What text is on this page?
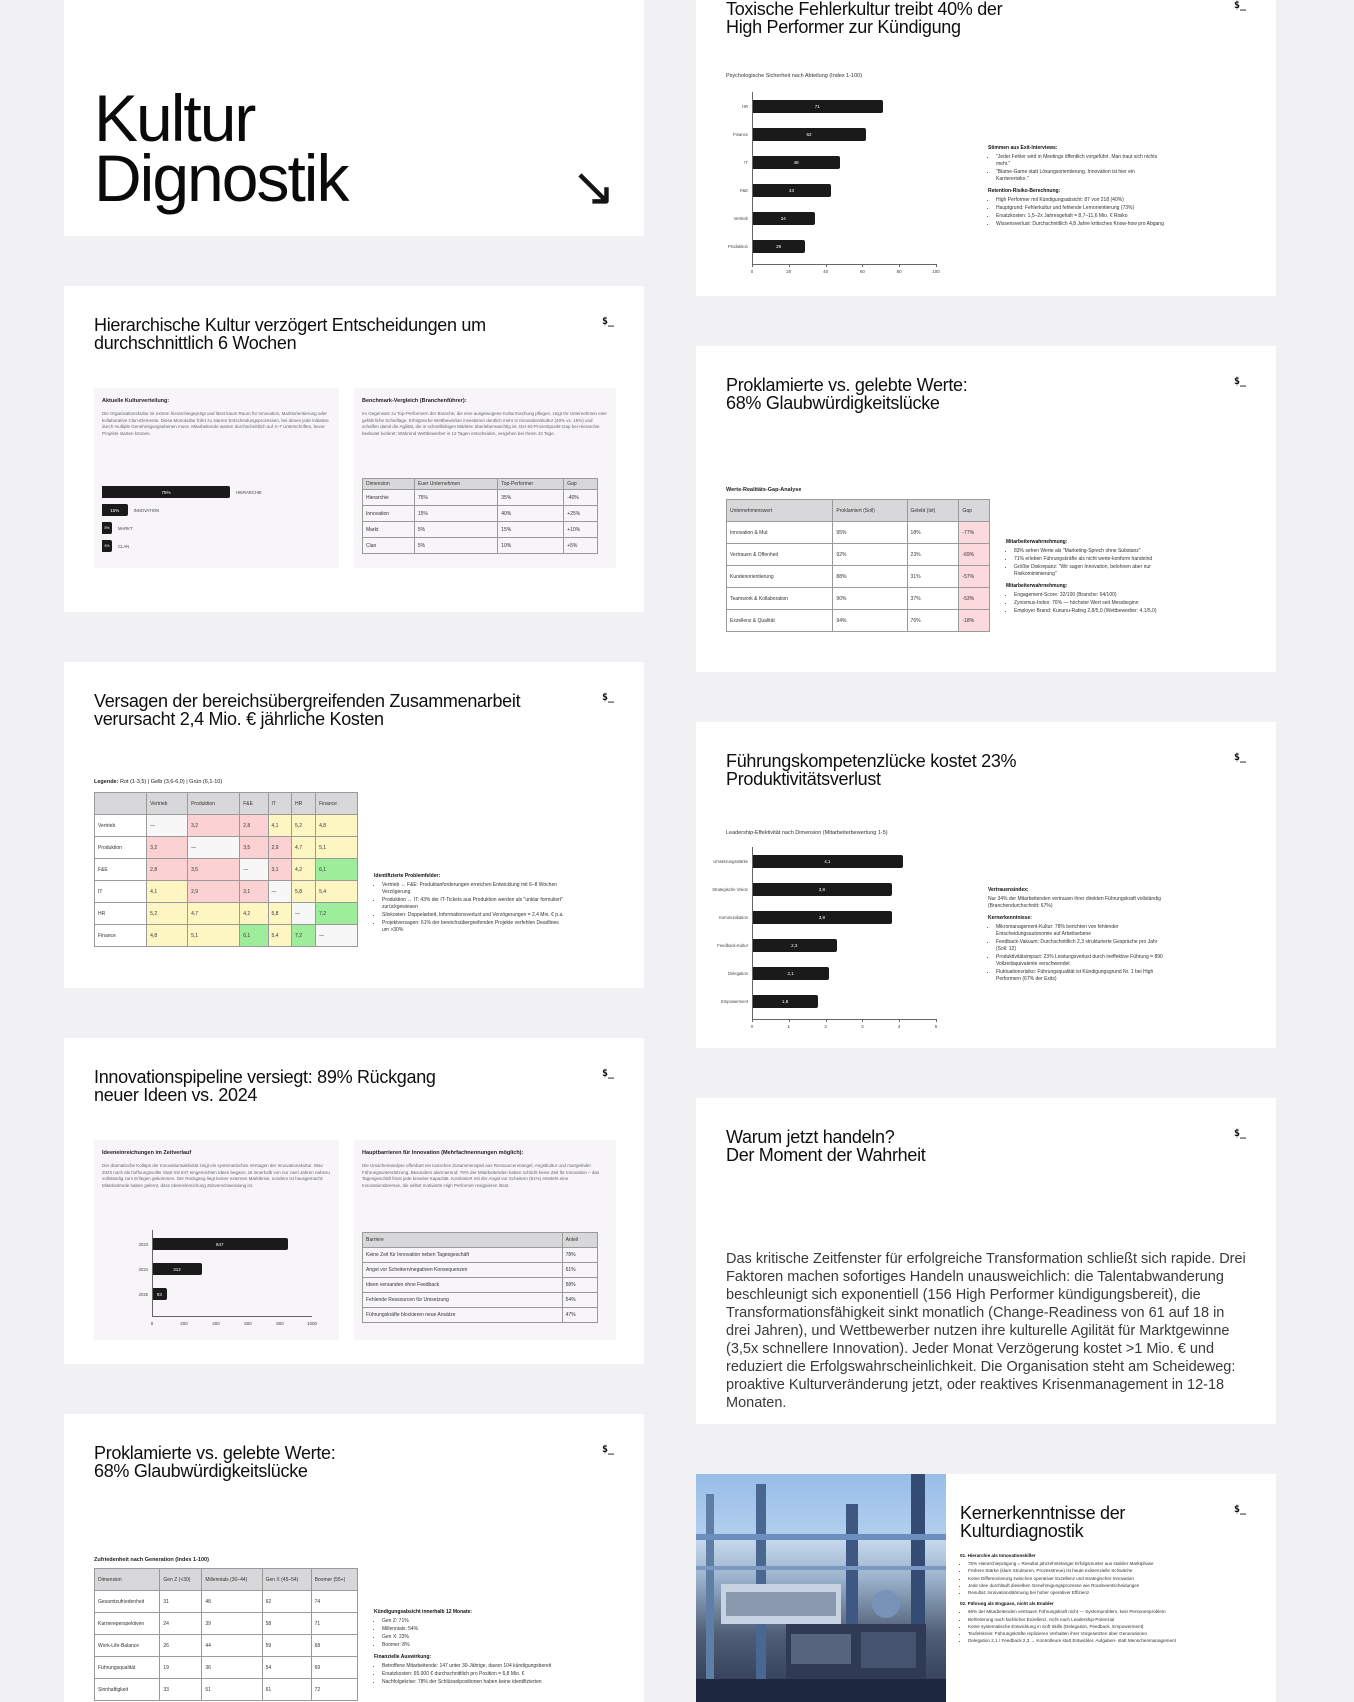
Kultur
Dignostik	↘
Hierarchische Kultur verzögert Entscheidungen um
durchschnittlich 6 Wochen
$_
Aktuelle Kulturverteilung:
Die Organisationskultur ist extrem hierarchiegeprägt und lässt kaum Raum für Innovation, Marktorientierung oder kollaborative Clan-Elemente. Diese Monokultur führt zu starren Entscheidungsprozessen, bei denen jede Initiative durch multiple Genehmigungsebenen muss. Mitarbeitende warten durchschnittlich auf 4–7 Unterschriften, bevor Projekte starten können.
75%	HIERARCHIE
15%	INNOVATION
5% MARKT
5% CLAN
Benchmark-Vergleich (Branchenführer):
Im Gegensatz zu Top-Performern der Branche, die eine ausgewogene Kulturmischung pflegen, zeigt Ihr Unternehmen eine gefährliche Schieflage. Erfolgreiche Wettbewerber investieren deutlich mehr in Innovationskultur (40% vs. 15%) und schaffen damit die Agilität, die in schnelllebigen Märkten überlebenswichtig ist. Der 60-Prozentpunkt-Gap bei Hierarchie bedeutet konkret: Während Wettbewerber in 12 Tagen entscheiden, vergehen bei Ihnen 43 Tage.
Dimension	Euer Unternehmen	Top-Performer	Gap
Hierarchie	75%	35%	-40%
Innovation	15%	40%	+25%
Markt	5%	15%	+10%
Clan	5%	10%	+5%
Versagen der bereichsübergreifenden Zusammenarbeit
verursacht 2,4 Mio. € jährliche Kosten
$_
Legende: Rot (1-3,5) | Gelb (3,6-6,0) | Grün (6,1-10)
	Vertrieb	Produktion	F&E	IT	HR	Finance
Vertrieb	—	3,2	2,8	4,1	5,2	4,8
Produktion	3,2	—	3,5	2,9	4,7	5,1
F&E	2,8	3,5	—	3,1	4,2	6,1
IT	4,1	2,9	3,1	—	5,8	5,4
HR	5,2	4,7	4,2	5,8	—	7,2
Finance	4,8	5,1	6,1	5,4	7,2	—
Identifizierte Problemfelder:
• Vertrieb ↔ F&E: Produktanforderungen erreichen Entwicklung mit 6–8 Wochen Verzögerung
• Produktion ↔ IT: 43% der IT-Tickets aus Produktion werden als "unklar formuliert" zurückgewiesen
• Silokosten: Doppelarbeit, Informationsverlust und Verzögerungen = 2,4 Mio. € p.a.
• Projektversagen: 61% der bereichsübergreifenden Projekte verfehlen Deadlines um >30%
Innovationspipeline versiegt: 89% Rückgang
neuer Ideen vs. 2024
$_
Ideeneinreichungen im Zeitverlauf
Der dramatische Kollaps der Innovationsaktivität zeigt ein systematisches Versagen der Innovationskultur. Was 2023 noch als hoffnungsvoller Start mit 847 eingereichten Ideen begann, ist innerhalb von nur zwei Jahren nahezu vollständig zum Erliegen gekommen. Der Rückgang liegt keiner externen Marktkrise, sondern ist hausgemacht: Mitarbeitende haben gelernt, dass Ideeneinreichung Zeitverschwendung ist.
2023	847
2024	312
2025 93
0	200	400	600	800	1000
Hauptbarrieren für Innovation (Mehrfachnennungen möglich):
Die Ursachenanalyse offenbart ein toxisches Zusammenspiel aus Ressourcenmangel, Angstkultur und mangelnder Führungsunterstützung. Besonders alarmierend: 78% der Mitarbeitenden haben schlicht keine Zeit für Innovation – das Tagesgeschäft frisst jede kreative Kapazität. Kombiniert mit der Angst vor Scheitern (61%) entsteht eine Innovationsbremse, die selbst motivierte High Performer resignieren lässt.
Barriere	Anteil
Keine Zeit für Innovation neben Tagesgeschäft	78%
Angst vor Scheitern/negativen Konsequenzen	61%
Ideen versanden ohne Feedback	58%
Fehlende Ressourcen für Umsetzung	54%
Führungskräfte blockieren neue Ansätze	47%
Proklamierte vs. gelebte Werte:
68% Glaubwürdigkeitslücke
$_
Zufriedenheit nach Generation (Index 1-100)
Dimension	Gen Z (<30)	Millennials (30–44)	Gen X (45–54)	Boomer (55+)
Gesamtzufriedenheit	31	48	62	74
Karriereperspektiven	24	39	58	71
Work-Life-Balance	26	44	59	68
Führungsqualität	19	36	54	69
Sinnhaftigkeit	33	51	61	72
Kündigungsabsicht innerhalb 12 Monate:
• Gen Z: 71%
• Millennials: 54%
• Gen X: 23%
• Boomer: 8%
Finanzielle Auswirkung:
• Betroffene Mitarbeitende: 147 unter 30-Jährige, davon 104 kündigungsbereit
• Ersatzkosten: 65.000 € durchschnittlich pro Position = 6,8 Mio. €
• Nachfolgekrise: 78% der Schlüsselpositionen haben keine identifizierten
Toxische Fehlerkultur treibt 40% der
High Performer zur Kündigung
$_
Psychologische Sicherheit nach Abteilung (Index 1-100)
HR	71
Finance	62
IT	48
F&E	43
Vertrieb	34
Produktion	29
0	20	40	60	80	100
Stimmen aus Exit-Interviews:
• "Jeder Fehler wird in Meetings öffentlich vorgeführt. Man traut sich nichts mehr."
• "Blame-Game statt Lösungsorientierung. Innovation ist hier ein Karriererisiko."
Retention-Risiko-Berechnung:
• High Performer mit Kündigungsabsicht: 87 von 218 (40%)
• Hauptgrund: Fehlerkultur und fehlende Lernorientierung (73%)
• Ersatzkosten: 1,5–2x Jahresgehalt = 8,7–11,6 Mio. € Risiko
• Wissensverlust: Durchschnittlich 4,8 Jahre kritisches Know-how pro Abgang
Proklamierte vs. gelebte Werte:
68% Glaubwürdigkeitslücke
$_
Werte-Realitäts-Gap-Analyse
Unternehmenswert	Proklamiert (Soll)	Gelebt (Ist)	Gap
Innovation & Mut	95%	18%	-77%
Vertrauen & Offenheit	92%	23%	-69%
Kundenorientierung	88%	31%	-57%
Teamwork & Kollaboration	90%	37%	-53%
Exzellenz & Qualität	94%	76%	-18%
Mitarbeiterwahrnehmung:
• 83% sehen Werte als "Marketing-Sprech ohne Substanz"
• 71% erleben Führungskräfte als nicht werte-konform handelnd
• Größte Diskrepanz: "Wir sagen Innovation, belohnen aber nur Risikominimierung"
Mitarbeiterwahrnehmung:
• Engagement-Score: 32/100 (Branche: 64/100)
• Zynismus-Index: 76% — höchster Wert seit Messbeginn
• Employer Brand: Kununu-Rating 2,8/5,0 (Wettbewerber: 4,1/5,0)
Führungskompetenzlücke kostet 23%
Produktivitätsverlust
$_
Leadership-Effektivität nach Dimension (Mitarbeiterbewertung 1-5)
Umsetzungsstärke	4,1
Strategische Vision	3,8
Kommunikation	3,8
Feedback-Kultur	2,3
Delegation	2,1
Empowerment	1,8
0	1	2	3	4	5
Vertrauensindex:
Nur 34% der Mitarbeitenden vertrauen ihrer direkten Führungskraft vollständig (Branchendurchschnitt: 67%)
Kernerkenntnisse:
• Mikromanagement-Kultur: 78% berichten von fehlender Entscheidungsautonomie auf Arbeitsebene
• Feedback-Vakuum: Durchschnittlich 2,3 strukturierte Gespräche pro Jahr (Soll: 12)
• Produktivitätsimpact: 23% Leistungsverlust durch ineffektive Führung = 890 Vollzeitäquivalente verschwendet
• Fluktuationsrisiko: Führungsqualität ist Kündigungsgrund Nr. 1 bei High Performern (67% der Exits)
Warum jetzt handeln?
Der Moment der Wahrheit
$_
Das kritische Zeitfenster für erfolgreiche Transformation schließt sich rapide. Drei Faktoren machen sofortiges Handeln unausweichlich: die Talentabwanderung beschleunigt sich exponentiell (156 High Performer kündigungsbereit), die Transformationsfähigkeit sinkt monatlich (Change-Readiness von 61 auf 18 in drei Jahren), und Wettbewerber nutzen ihre kulturelle Agilität für Marktgewinne (3,5x schnellere Innovation). Jeder Monat Verzögerung kostet >1 Mio. € und reduziert die Erfolgswahrscheinlichkeit. Die Organisation steht am Scheideweg: proaktive Kulturveränderung jetzt, oder reaktives Krisenmanagement in 12-18 Monaten.
Kernerkenntnisse der
Kulturdiagnostik
$_
01. Hierarchie als Innovationskiller
• 75% Hierarchieprägung = Resultat jahrzehntelanger Erfolgsmuster aus stabiler Marktphase
• Frühere Stärke (klare Strukturen, Prozesstreue) ist heute existenzielle Schwäche
• Keine Differenzierung zwischen operativer Exzellenz und strategischer Innovation
• Jede Idee durchläuft dieselben Genehmigungsprozesse wie Routineentscheidungen
• Resultat: Innovationslähmung bei hoher operativer Effizienz
02. Führung als Engpass, nicht als Enabler
• 66% der Mitarbeitenden vertrauen Führungskraft nicht — Systemproblem, kein Personenproblem
• Beförderung nach fachlicher Exzellenz, nicht nach Leadership-Potenzial
• Keine systematische Entwicklung in Soft Skills (Delegation, Feedback, Empowerment)
• Teufelskreis: Führungskräfte replizieren Verhalten ihrer Vorgesetzten über Generationen
• Delegation 2,1 / Feedback 2,3 → Kontrolleure statt Entwickler, Aufgaben- statt Menschenmanagement
